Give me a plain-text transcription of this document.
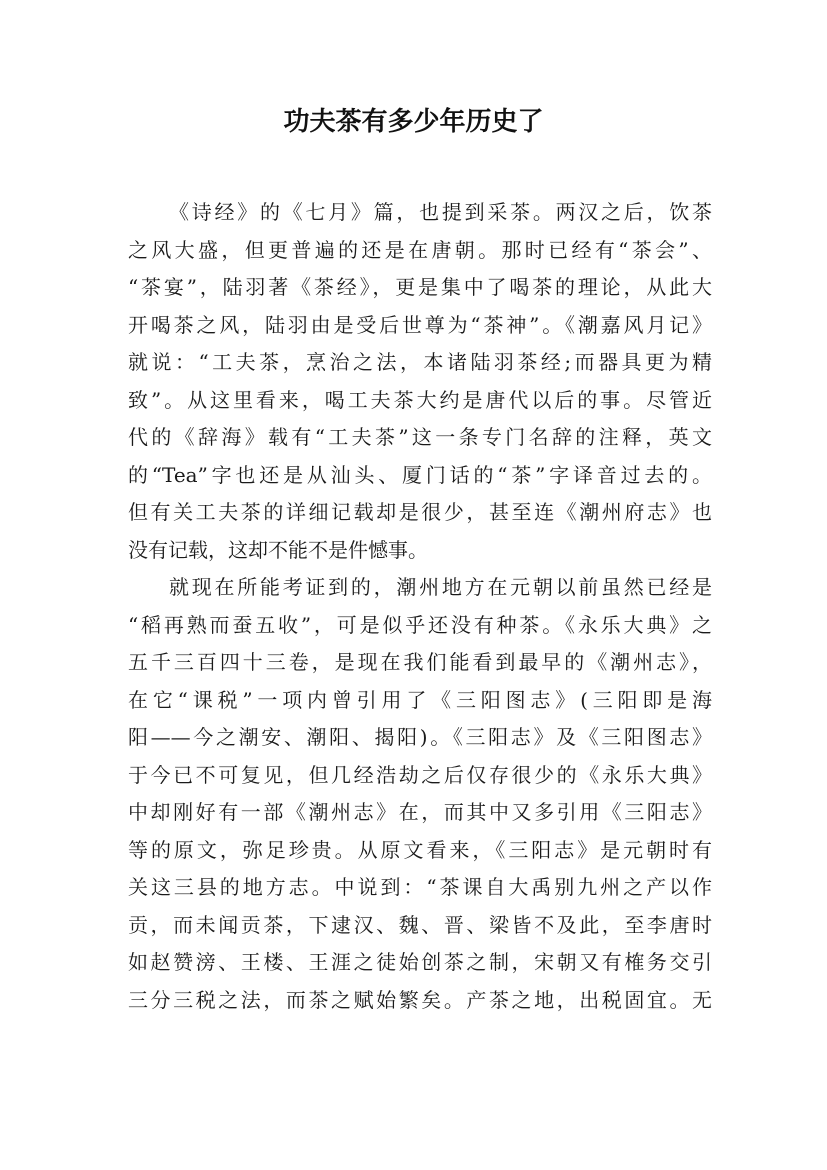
功夫茶有多少年历史了
《诗经》的《七月》篇，也提到采茶。两汉之后，饮茶
之风大盛，但更普遍的还是在唐朝。那时已经有“茶会”、
“茶宴”，陆羽著《茶经》，更是集中了喝茶的理论，从此大
开喝茶之风，陆羽由是受后世尊为“茶神”。《潮嘉风月记》
就说：“工夫茶，烹治之法，本诸陆羽茶经;而器具更为精
致”。从这里看来，喝工夫茶大约是唐代以后的事。尽管近
代的《辞海》载有“工夫茶”这一条专门名辞的注释，英文
的“Tea”字也还是从汕头、厦门话的“茶”字译音过去的。
但有关工夫茶的详细记载却是很少，甚至连《潮州府志》也
没有记载，这却不能不是件憾事。
就现在所能考证到的，潮州地方在元朝以前虽然已经是
“稻再熟而蚕五收”，可是似乎还没有种茶。《永乐大典》之
五千三百四十三卷，是现在我们能看到最早的《潮州志》，
在它“课税”一项内曾引用了《三阳图志》(三阳即是海
阳——今之潮安、潮阳、揭阳)。《三阳志》及《三阳图志》
于今已不可复见，但几经浩劫之后仅存很少的《永乐大典》
中却刚好有一部《潮州志》在，而其中又多引用《三阳志》
等的原文，弥足珍贵。从原文看来，《三阳志》是元朝时有
关这三县的地方志。中说到：“茶课自大禹别九州之产以作
贡，而未闻贡茶，下逮汉、魏、晋、梁皆不及此，至李唐时
如赵赞滂、王楼、王涯之徒始创茶之制，宋朝又有榷务交引
三分三税之法，而茶之赋始繁矣。产茶之地，出税固宜。无
